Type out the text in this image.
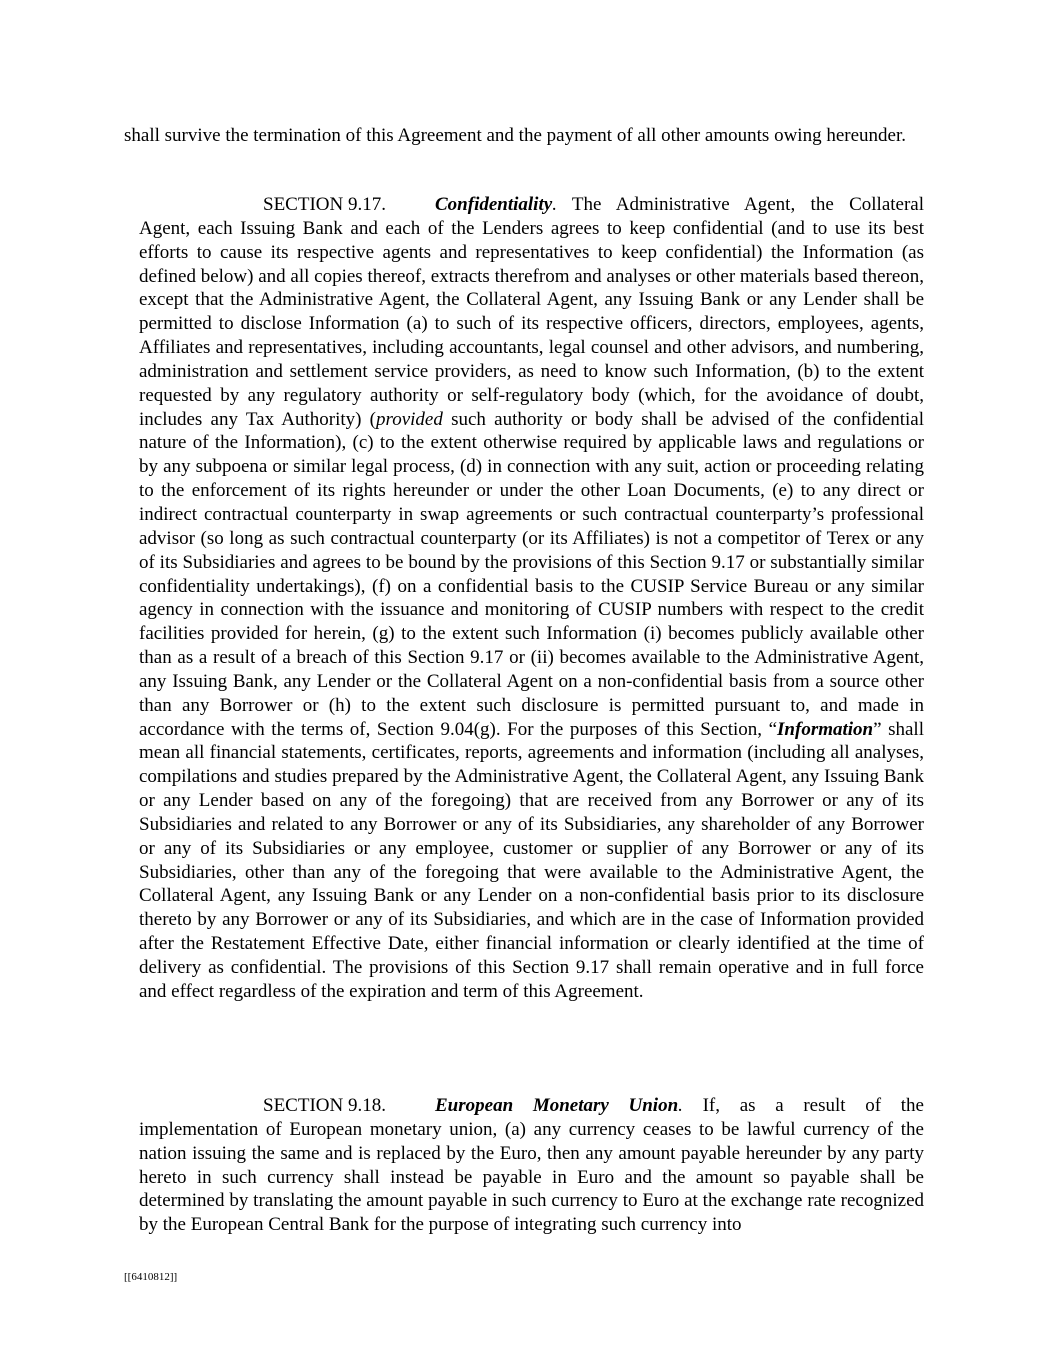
shall survive the termination of this Agreement and the payment of all other amounts owing hereunder.

SECTION 9.17.	Confidentiality. The Administrative Agent, the Collateral Agent, each Issuing Bank and each of the Lenders agrees to keep confidential (and to use its best efforts to cause its respective agents and representatives to keep confidential) the Information (as defined below) and all copies thereof, extracts therefrom and analyses or other materials based thereon, except that the Administrative Agent, the Collateral Agent, any Issuing Bank or any Lender shall be permitted to disclose Information (a) to such of its respective officers, directors, employees, agents, Affiliates and representatives, including accountants, legal counsel and other advisors, and numbering, administration and settlement service providers, as need to know such Information, (b) to the extent requested by any regulatory authority or self-regulatory body (which, for the avoidance of doubt, includes any Tax Authority) (provided such authority or body shall be advised of the confidential nature of the Information), (c) to the extent otherwise required by applicable laws and regulations or by any subpoena or similar legal process, (d) in connection with any suit, action or proceeding relating to the enforcement of its rights hereunder or under the other Loan Documents, (e) to any direct or indirect contractual counterparty in swap agreements or such contractual counterparty’s professional advisor (so long as such contractual counterparty (or its Affiliates) is not a competitor of Terex or any of its Subsidiaries and agrees to be bound by the provisions of this Section 9.17 or substantially similar confidentiality undertakings), (f) on a confidential basis to the CUSIP Service Bureau or any similar agency in connection with the issuance and monitoring of CUSIP numbers with respect to the credit facilities provided for herein, (g) to the extent such Information (i) becomes publicly available other than as a result of a breach of this Section 9.17 or (ii) becomes available to the Administrative Agent, any Issuing Bank, any Lender or the Collateral Agent on a non-confidential basis from a source other than any Borrower or (h) to the extent such disclosure is permitted pursuant to, and made in accordance with the terms of, Section 9.04(g). For the purposes of this Section, “Information” shall mean all financial statements, certificates, reports, agreements and information (including all analyses, compilations and studies prepared by the Administrative Agent, the Collateral Agent, any Issuing Bank or any Lender based on any of the foregoing) that are received from any Borrower or any of its Subsidiaries and related to any Borrower or any of its Subsidiaries, any shareholder of any Borrower or any of its Subsidiaries or any employee, customer or supplier of any Borrower or any of its Subsidiaries, other than any of the foregoing that were available to the Administrative Agent, the Collateral Agent, any Issuing Bank or any Lender on a non-confidential basis prior to its disclosure thereto by any Borrower or any of its Subsidiaries, and which are in the case of Information provided after the Restatement Effective Date, either financial information or clearly identified at the time of delivery as confidential. The provisions of this Section 9.17 shall remain operative and in full force and effect regardless of the expiration and term of this Agreement.

SECTION 9.18.	European Monetary Union. If, as a result of the implementation of European monetary union, (a) any currency ceases to be lawful currency of the nation issuing the same and is replaced by the Euro, then any amount payable hereunder by any party hereto in such currency shall instead be payable in Euro and the amount so payable shall be determined by translating the amount payable in such currency to Euro at the exchange rate recognized by the European Central Bank for the purpose of integrating such currency into

[[6410812]]
